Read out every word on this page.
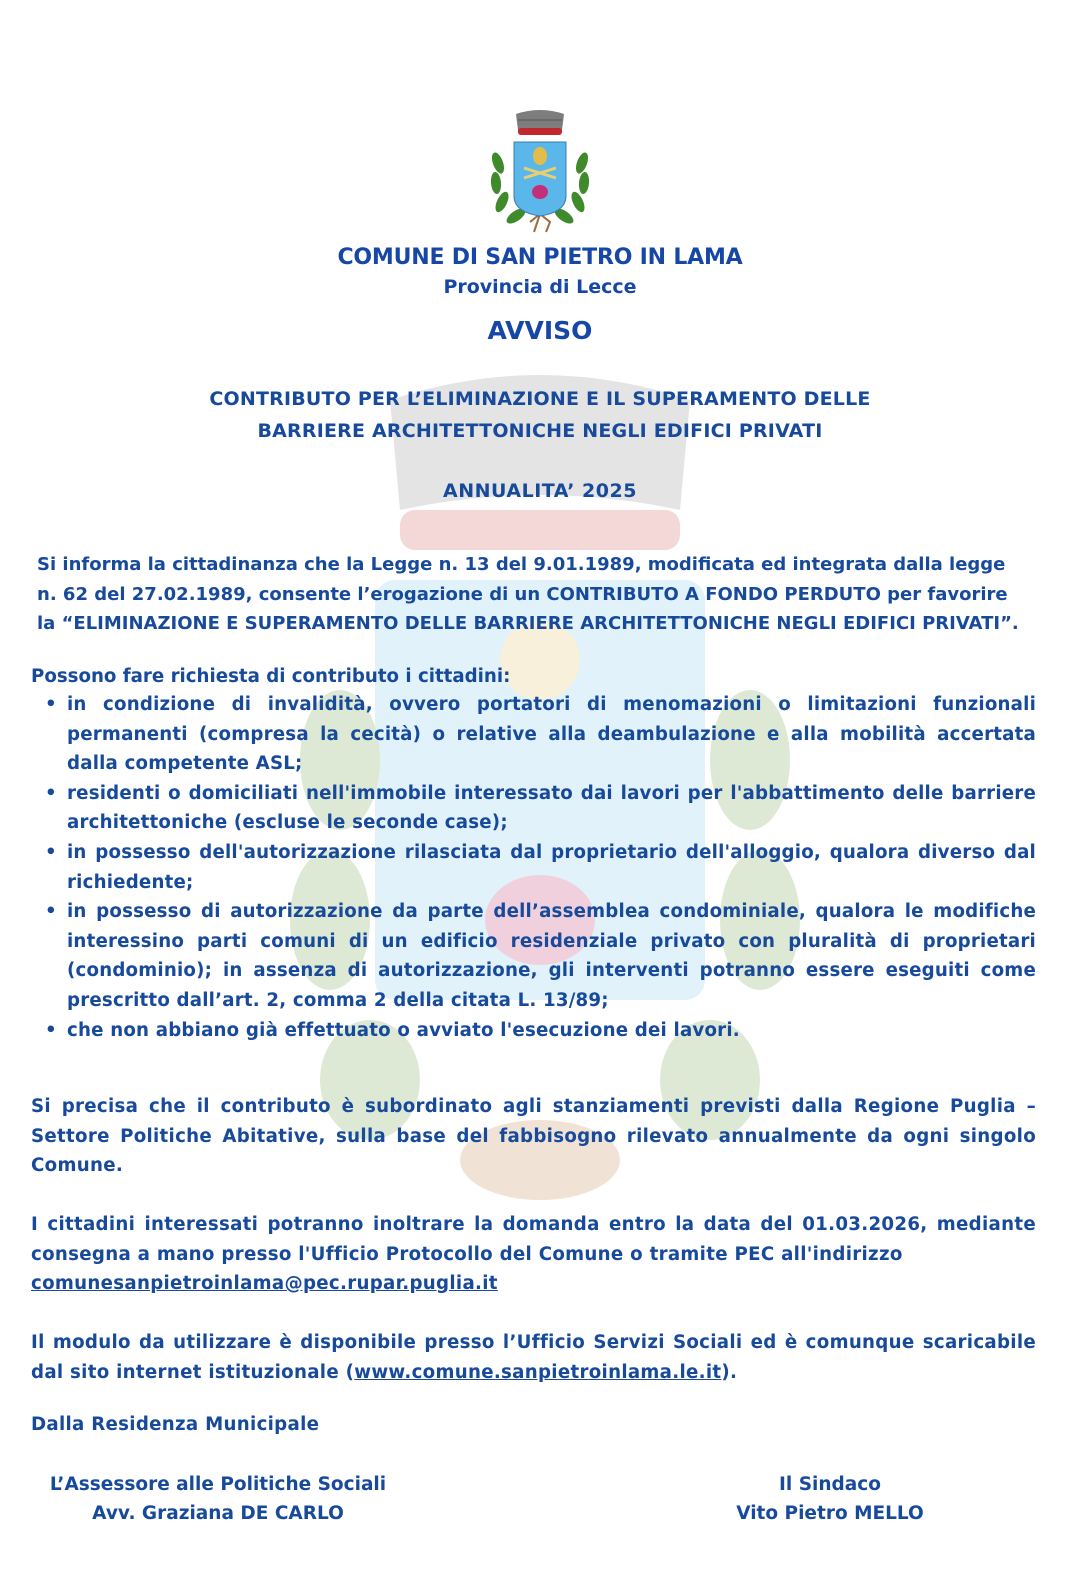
COMUNE DI SAN PIETRO IN LAMA
Provincia di Lecce
AVVISO
CONTRIBUTO PER L’ELIMINAZIONE E IL SUPERAMENTO DELLE
BARRIERE ARCHITETTONICHE NEGLI EDIFICI PRIVATI
ANNUALITA’ 2025
Si informa la cittadinanza che la Legge n. 13 del 9.01.1989, modificata ed integrata dalla legge
n. 62 del 27.02.1989, consente l’erogazione di un CONTRIBUTO A FONDO PERDUTO per favorire
la “ELIMINAZIONE E SUPERAMENTO DELLE BARRIERE ARCHITETTONICHE NEGLI EDIFICI PRIVATI”.
Possono fare richiesta di contributo i cittadini:
• in condizione di invalidità, ovvero portatori di menomazioni o limitazioni funzionali permanenti (compresa la cecità) o relative alla deambulazione e alla mobilità accertata dalla competente ASL;
• residenti o domiciliati nell'immobile interessato dai lavori per l'abbattimento delle barriere architettoniche (escluse le seconde case);
• in possesso dell'autorizzazione rilasciata dal proprietario dell'alloggio, qualora diverso dal richiedente;
• in possesso di autorizzazione da parte dell’assemblea condominiale, qualora le modifiche interessino parti comuni di un edificio residenziale privato con pluralità di proprietari (condominio); in assenza di autorizzazione, gli interventi potranno essere eseguiti come prescritto dall’art. 2, comma 2 della citata L. 13/89;
• che non abbiano già effettuato o avviato l'esecuzione dei lavori.
Si precisa che il contributo è subordinato agli stanziamenti previsti dalla Regione Puglia – Settore Politiche Abitative, sulla base del fabbisogno rilevato annualmente da ogni singolo Comune.
I cittadini interessati potranno inoltrare la domanda entro la data del 01.03.2026, mediante consegna a mano presso l'Ufficio Protocollo del Comune o tramite PEC all'indirizzo
comunesanpietroinlama@pec.rupar.puglia.it
Il modulo da utilizzare è disponibile presso l’Ufficio Servizi Sociali ed è comunque scaricabile dal sito internet istituzionale (www.comune.sanpietroinlama.le.it).
Dalla Residenza Municipale
L’Assessore alle Politiche Sociali
Avv. Graziana DE CARLO
Il Sindaco
Vito Pietro MELLO
